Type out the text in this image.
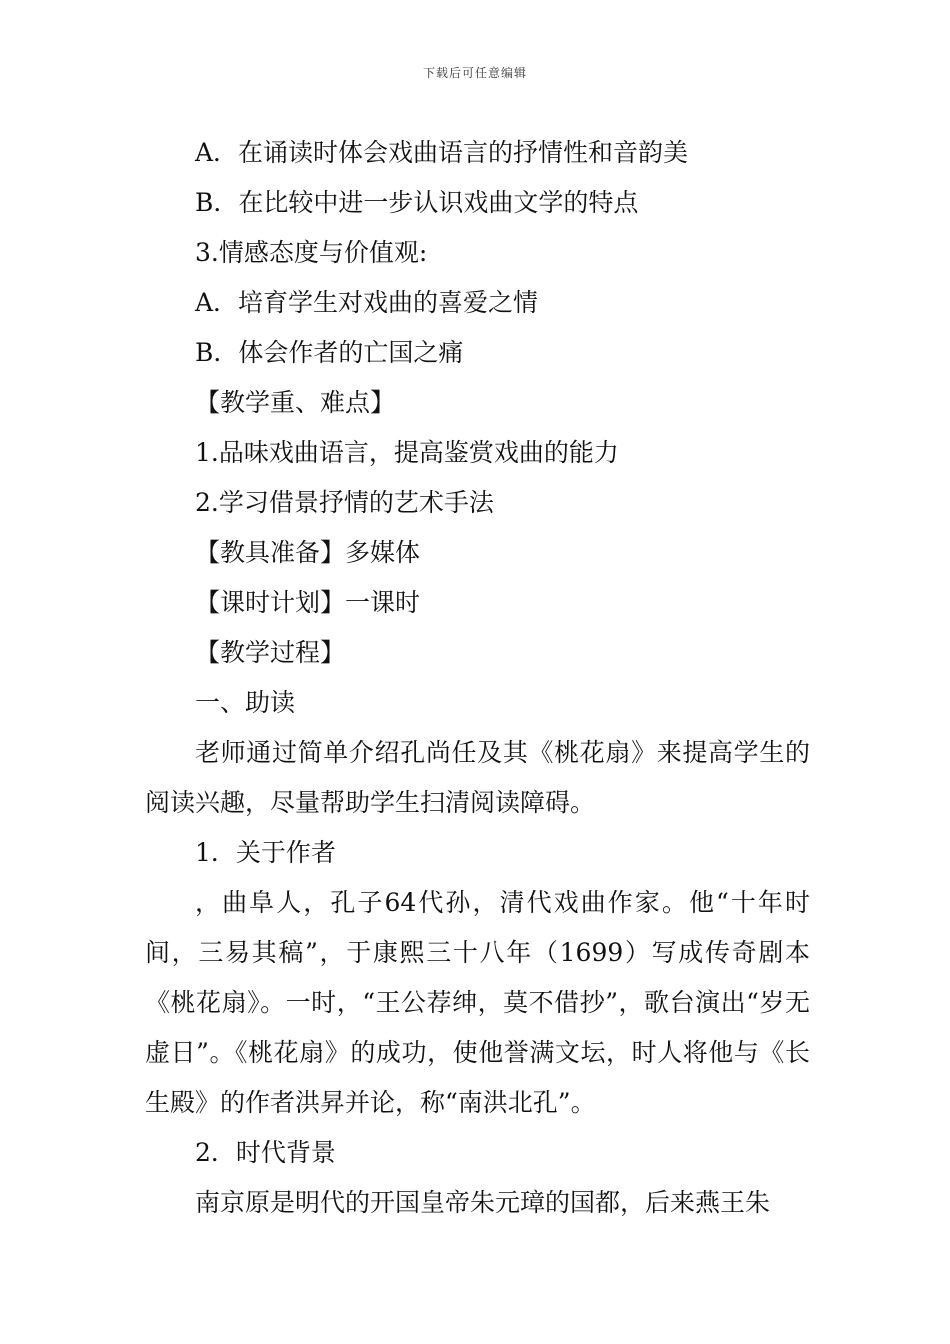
下载后可任意编辑

A．在诵读时体会戏曲语言的抒情性和音韵美

B．在比较中进一步认识戏曲文学的特点

3.情感态度与价值观:

A．培育学生对戏曲的喜爱之情

B．体会作者的亡国之痛

【教学重、难点】

1.品味戏曲语言，提高鉴赏戏曲的能力

2.学习借景抒情的艺术手法

【教具准备】多媒体

【课时计划】一课时

【教学过程】

一、助读

老师通过简单介绍孔尚任及其《桃花扇》来提高学生的阅读兴趣，尽量帮助学生扫清阅读障碍。

1．关于作者

，曲阜人，孔子64代孙，清代戏曲作家。他“十年时间，三易其稿”，于康熙三十八年（1699）写成传奇剧本《桃花扇》。一时，“王公荐绅，莫不借抄”，歌台演出“岁无虚日”。《桃花扇》的成功，使他誉满文坛，时人将他与《长生殿》的作者洪昇并论，称“南洪北孔”。

2．时代背景

南京原是明代的开国皇帝朱元璋的国都，后来燕王朱
